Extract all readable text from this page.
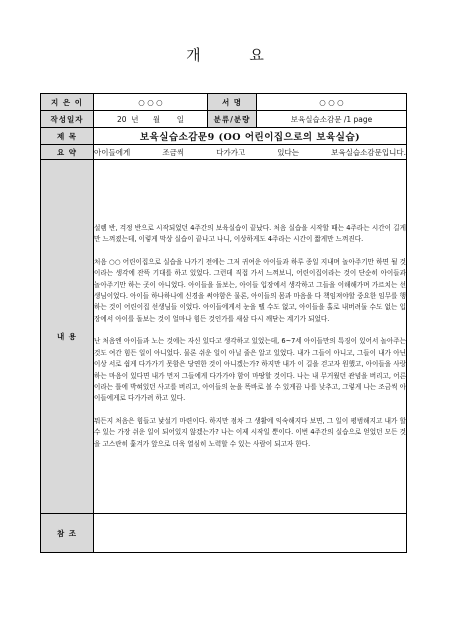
개 요
지 은 이	○ ○ ○	서 명	○ ○ ○
작성일자	20 년 월 일	분류/분량	보육실습소감문 /1 page
제 목	보육실습소감문9 (OO 어린이집으로의 보육실습)		
요 약	아이들에게 조금씩 다가가고 있다는 보육실습소감문입니다.		
내 용	설렘 반, 걱정 반으로 시작되었던 4주간의 보육실습이 끝났다. 처음 실습을 시작할 때는 4주라는 시간이 길게만 느껴졌는데, 이렇게 막상 실습이 끝나고 나니, 이상하게도 4주라는 시간이 짧게만 느껴진다.

처음 ○○ 어린이집으로 실습을 나가기 전에는 그저 귀여운 아이들과 하루 종일 지내며 놀아주기만 하면 될 것이라는 생각에 잔뜩 기대를 하고 있었다. 그런데 직접 가서 느껴보니, 어린이집이라는 것이 단순히 아이들과 놀아주기만 하는 곳이 아니었다. 아이들을 돌보는, 아이들 입장에서 생각하고 그들을 이해해가며 가르치는 선생님이었다. 아이들 하나하나에 신경을 써야함은 물론, 아이들의 몸과 마음을 다 책임져야할 중요한 임무를 행하는 것이 어린이집 선생님들 이었다. 아이들에게서 눈을 뗄 수도 없고, 아이들을 홀로 내버려둘 수도 없는 입장에서 아이를 돌보는 것이 얼마나 힘든 것인가를 새삼 다시 깨닫는 계기가 되었다.

난 처음엔 아이들과 노는 것에는 자신 있다고 생각하고 있었는데, 6~7세 아이들만의 특징이 있어서 놀아주는 것도 여간 힘든 일이 아니었다. 물론 쉬운 일이 아닐 줄은 알고 있었다. 내가 그들이 아니고, 그들이 내가 아닌 이상 서로 쉽게 다가가기 못함은 당연한 것이 아니겠는가? 하지만 내가 이 길을 걷고자 원했고, 아이들을 사랑하는 마음이 있다면 내가 먼저 그들에게 다가가야 함이 마땅할 것이다. 나는 내 무거웠던 관념을 버리고, 어른이라는 틀에 박혀있던 사고를 버리고, 아이들의 눈을 똑바로 볼 수 있게끔 나를 낮추고, 그렇게 나는 조금씩 아이들에게로 다가가려 하고 있다.

뭐든지 처음은 힘들고 낯설기 마련이다. 하지만 점차 그 생활에 익숙해지다 보면, 그 일이 평범해지고 내가 할 수 있는 가장 쉬운 일이 되어있지 않겠는가? 나는 이제 시작일 뿐이다. 이번 4주간의 실습으로 얻었던 모든 것을 고스란히 훑겨가 앞으로 더욱 열심히 노력할 수 있는 사람이 되고자 한다.		

참 조			
